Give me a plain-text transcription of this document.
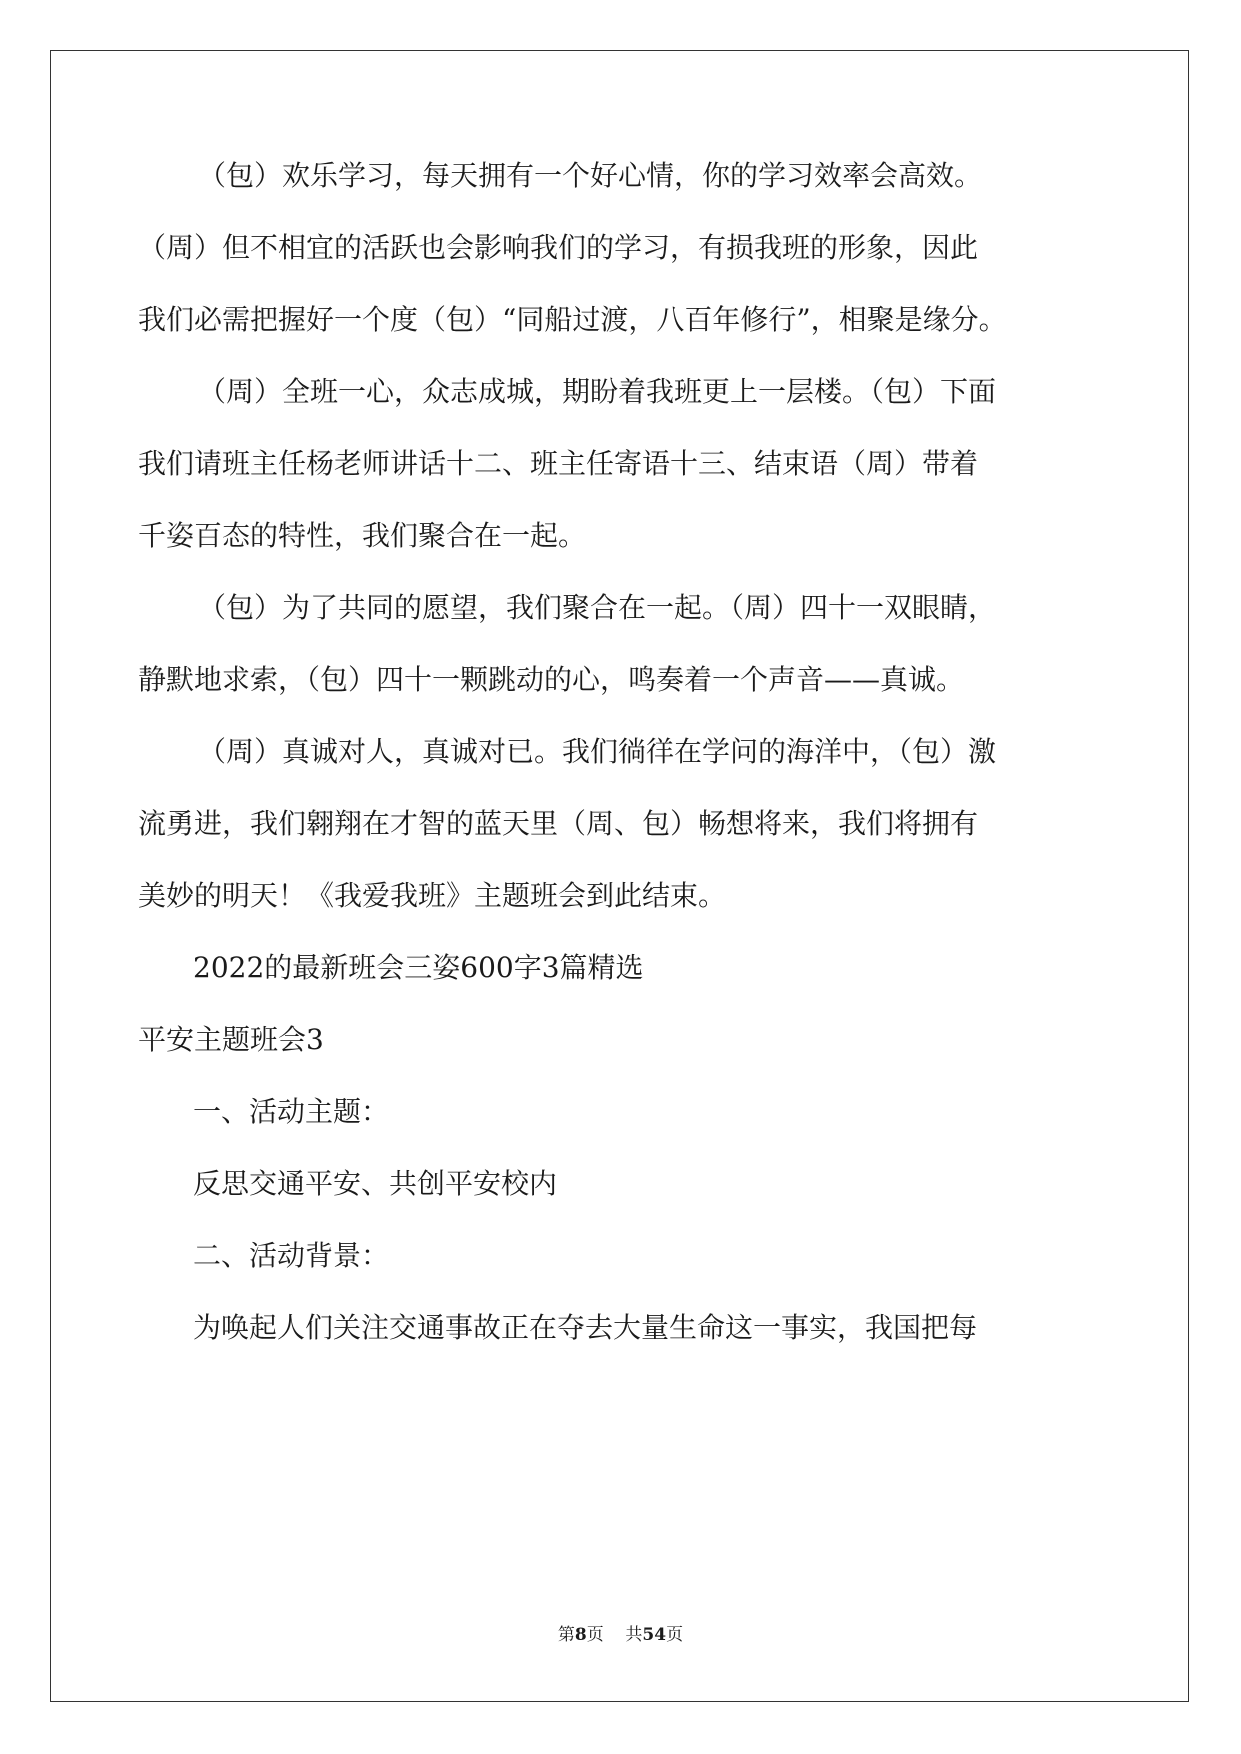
（包）欢乐学习，每天拥有一个好心情，你的学习效率会高效。
（周）但不相宜的活跃也会影响我们的学习，有损我班的形象，因此
我们必需把握好一个度（包）“同船过渡，八百年修行”，相聚是缘分。
（周）全班一心，众志成城，期盼着我班更上一层楼。（包）下面
我们请班主任杨老师讲话十二、班主任寄语十三、结束语（周）带着
千姿百态的特性，我们聚合在一起。
（包）为了共同的愿望，我们聚合在一起。（周）四十一双眼睛，
静默地求索，（包）四十一颗跳动的心，鸣奏着一个声音——真诚。
（周）真诚对人，真诚对已。我们徜徉在学问的海洋中，（包）激
流勇进，我们翱翔在才智的蓝天里（周、包）畅想将来，我们将拥有
美妙的明天！《我爱我班》主题班会到此结束。
2022的最新班会三姿600字3篇精选
平安主题班会3
一、活动主题：
反思交通平安、共创平安校内
二、活动背景：
为唤起人们关注交通事故正在夺去大量生命这一事实，我国把每
第8页 共54页
